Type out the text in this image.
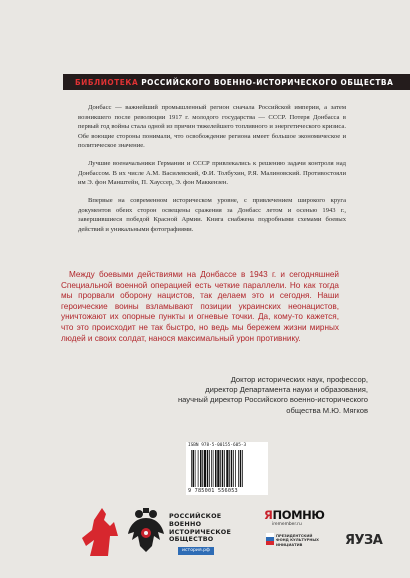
БИБЛИОТЕКА РОССИЙСКОГО ВОЕННО-ИСТОРИЧЕСКОГО ОБЩЕСТВА

Донбасс — важнейший промышленный регион сначала Российской империи, а затем возникшего после революции 1917 г. молодого государства — СССР. Потеря Донбасса в первый год войны стала одной из причин тяжелейшего топливного и энергетического кризиса. Обе воющие стороны понимали, что освобождение региона имеет большое экономическое и политическое значение.

Лучшие военачальники Германии и СССР привлекались к решению задачи контроля над Донбассом. В их числе А.М. Василевский, Ф.И. Толбухин, Р.Я. Малиновский. Противостояли им Э. фон Манштейн, П. Хауссер, Э. фон Маккензен.

Впервые на современном историческом уровне, с привлечением широкого круга документов обеих сторон освещены сражения за Донбасс летом и осенью 1943 г., завершившиеся победой Красной Армии. Книга снабжена подробными схемами боевых действий и уникальными фотографиями.

Между боевыми действиями на Донбассе в 1943 г. и сегодняшней Специальной военной операцией есть четкие параллели. Но как тогда мы прорвали оборону нацистов, так делаем это и сегодня. Наши героические воины взламывают позиции украинских неонацистов, уничтожают их опорные пункты и огневые точки. Да, кому-то кажется, что это происходит не так быстро, но ведь мы бережем жизни мирных людей и своих солдат, нанося максимальный урон противнику.

Доктор исторических наук, профессор,
директор Департамента науки и образования,
научный директор Российского военно-исторического
общества М.Ю. Мягков
ISBN 978-5-00155-605-3
9 785001 556053
РОССИЙСКОЕ
ВОЕННО
ИСТОРИЧЕСКОЕ
ОБЩЕСТВО
история.рф
ЯПОМНЮ
iremember.ru
ПРЕЗИДЕНТСКИЙ
ФОНД КУЛЬТУРНЫХ
ИНИЦИАТИВ	ЯУЗА
